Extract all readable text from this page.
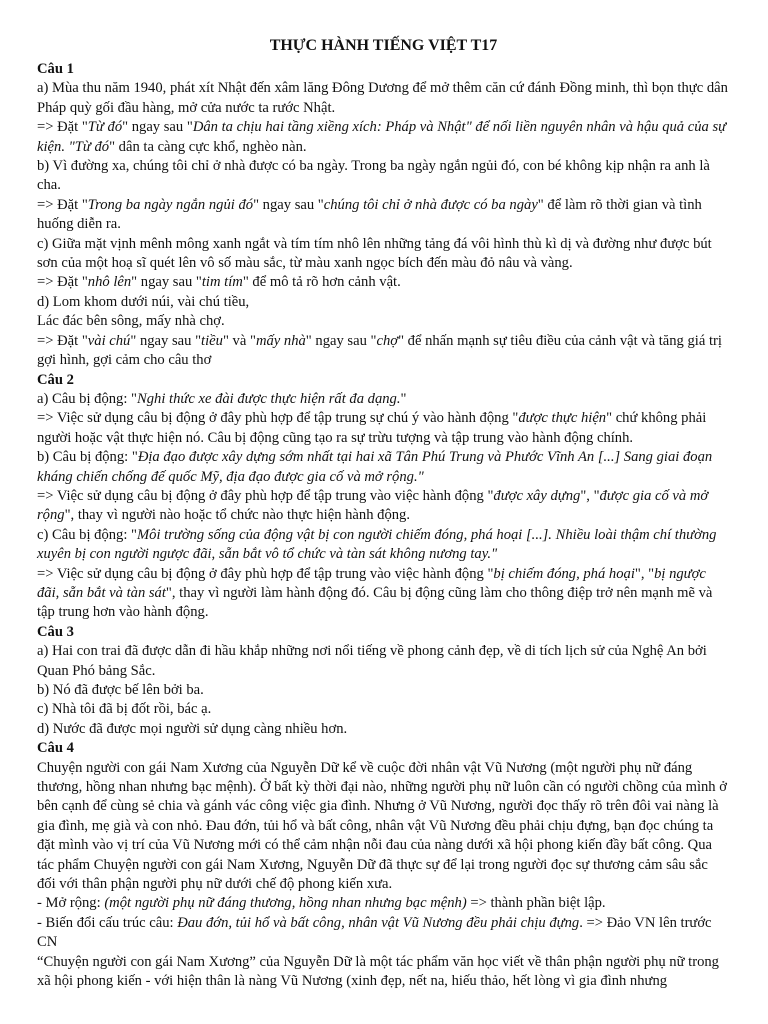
THỰC HÀNH TIẾNG VIỆT T17

Câu 1

a) Mùa thu năm 1940, phát xít Nhật đến xâm lăng Đông Dương để mở thêm căn cứ đánh Đồng minh, thì bọn thực dân Pháp quỳ gối đầu hàng, mở cửa nước ta rước Nhật.

=> Đặt "Từ đó" ngay sau "Dân ta chịu hai tầng xiềng xích: Pháp và Nhật" để nối liền nguyên nhân và hậu quả của sự kiện. "Từ đó" dân ta càng cực khổ, nghèo nàn.

b) Vì đường xa, chúng tôi chỉ ở nhà được có ba ngày. Trong ba ngày ngắn ngủi đó, con bé không kịp nhận ra anh là cha.

=> Đặt "Trong ba ngày ngắn ngủi đó" ngay sau "chúng tôi chỉ ở nhà được có ba ngày" để làm rõ thời gian và tình huống diễn ra.

c) Giữa mặt vịnh mênh mông xanh ngắt và tím tím nhô lên những tảng đá vôi hình thù kì dị và đường như được bút sơn của một hoạ sĩ quét lên vô số màu sắc, từ màu xanh ngọc bích đến màu đỏ nâu và vàng.

=> Đặt "nhô lên" ngay sau "tim tím" để mô tả rõ hơn cảnh vật.

d) Lom khom dưới núi, vài chú tiều,

Lác đác bên sông, mấy nhà chợ.

=> Đặt "vài chú" ngay sau "tiều" và "mấy nhà" ngay sau "chợ" để nhấn mạnh sự tiêu điều của cảnh vật và tăng giá trị gợi hình, gợi cảm cho câu thơ

Câu 2

a) Câu bị động: "Nghi thức xe đài được thực hiện rất đa dạng."

=> Việc sử dụng câu bị động ở đây phù hợp để tập trung sự chú ý vào hành động "được thực hiện" chứ không phải người hoặc vật thực hiện nó. Câu bị động cũng tạo ra sự trừu tượng và tập trung vào hành động chính.

b) Câu bị động: "Địa đạo được xây dựng sớm nhất tại hai xã Tân Phú Trung và Phước Vĩnh An [...] Sang giai đoạn kháng chiến chống đế quốc Mỹ, địa đạo được gia cố và mở rộng."

=> Việc sử dụng câu bị động ở đây phù hợp để tập trung vào việc hành động "được xây dựng", "được gia cố và mở rộng", thay vì người nào hoặc tổ chức nào thực hiện hành động.

c) Câu bị động: "Môi trường sống của động vật bị con người chiếm đóng, phá hoại [...]. Nhiều loài thậm chí thường xuyên bị con người ngược đãi, sẵn bắt vô tổ chức và tàn sát không nương tay."

=> Việc sử dụng câu bị động ở đây phù hợp để tập trung vào việc hành động "bị chiếm đóng, phá hoại", "bị ngược đãi, sẵn bắt và tàn sát", thay vì người làm hành động đó. Câu bị động cũng làm cho thông điệp trở nên mạnh mẽ và tập trung hơn vào hành động.

Câu 3

a) Hai con trai đã được dẫn đi hầu khắp những nơi nổi tiếng về phong cảnh đẹp, về di tích lịch sử của Nghệ An bởi Quan Phó bảng Sắc.

b) Nó đã được bế lên bởi ba.

c) Nhà tôi đã bị đốt rồi, bác ạ.

d) Nước đã được mọi người sử dụng càng nhiều hơn.

Câu 4

Chuyện người con gái Nam Xương của Nguyễn Dữ kể về cuộc đời nhân vật Vũ Nương (một người phụ nữ đáng thương, hồng nhan nhưng bạc mệnh). Ở bất kỳ thời đại nào, những người phụ nữ luôn cần có người chồng của mình ở bên cạnh để cùng sẻ chia và gánh vác công việc gia đình. Nhưng ở Vũ Nương, người đọc thấy rõ trên đôi vai nàng là gia đình, mẹ già và con nhỏ. Đau đớn, tủi hổ và bất công, nhân vật Vũ Nương đều phải chịu đựng, bạn đọc chúng ta đặt mình vào vị trí của Vũ Nương mới có thể cảm nhận nỗi đau của nàng dưới xã hội phong kiến đầy bất công. Qua tác phẩm Chuyện người con gái Nam Xương, Nguyễn Dữ đã thực sự để lại trong người đọc sự thương cảm sâu sắc đối với thân phận người phụ nữ dưới chế độ phong kiến xưa.

- Mở rộng: (một người phụ nữ đáng thương, hồng nhan nhưng bạc mệnh) => thành phần biệt lập.

- Biến đổi cấu trúc câu: Đau đớn, tủi hổ và bất công, nhân vật Vũ Nương đều phải chịu đựng. => Đảo VN lên trước CN

“Chuyện người con gái Nam Xương” của Nguyễn Dữ là một tác phẩm văn học viết về thân phận người phụ nữ trong xã hội phong kiến - với hiện thân là nàng Vũ Nương (xinh đẹp, nết na, hiếu thảo, hết lòng vì gia đình nhưng
